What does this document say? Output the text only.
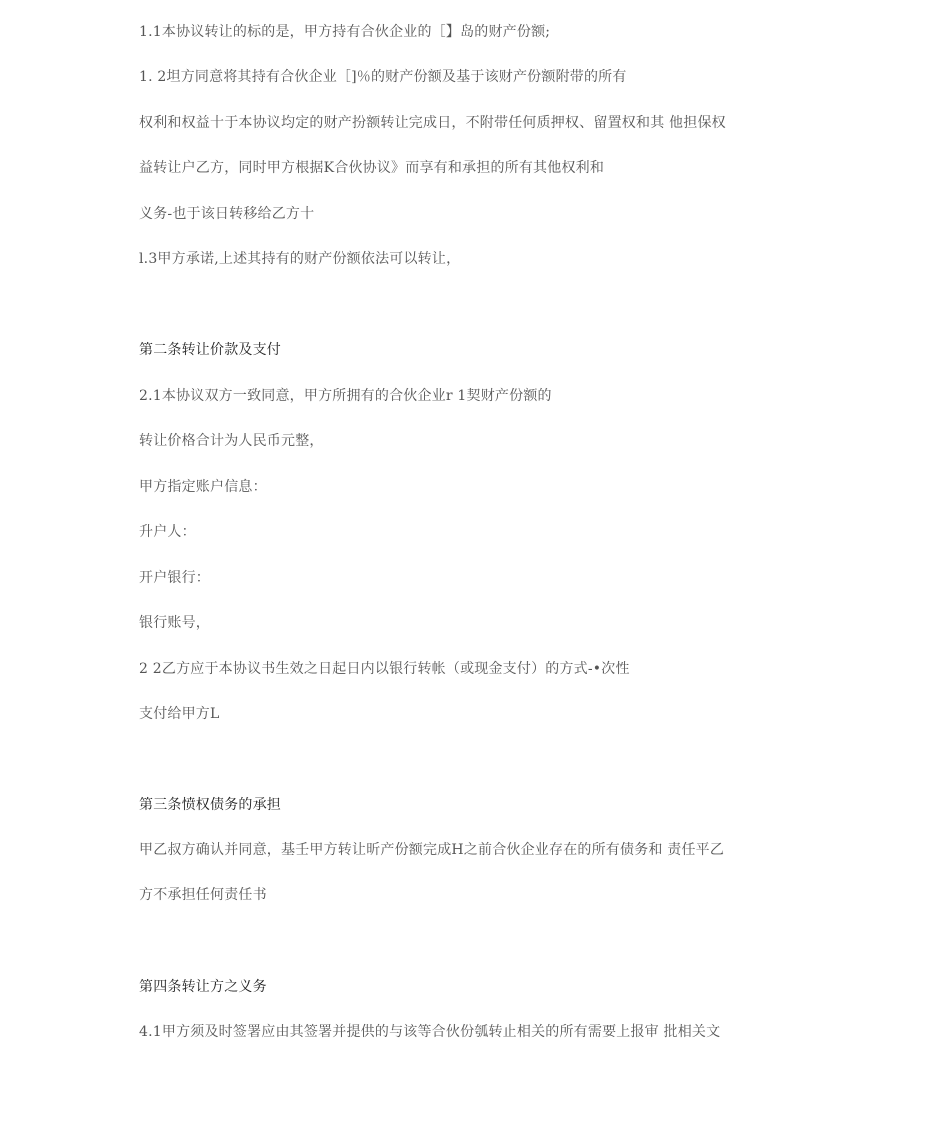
1.1本协议转让的标的是，甲方持有合伙企业的［】岛的财产份额;
1. 2坦方同意将其持有合伙企业［]％的财产份额及基于该财产份额附带的所有
权利和权益十于本协议均定的财产扮额转让完成日，不附带任何质押权、留置权和其 他担保权
益转让户乙方，同时甲方根据K合伙协议》而享有和承担的所有其他权利和
义务-也于该日转移给乙方十
l.3甲方承诺,上述其持有的财产份额依法可以转让，
第二条转让价款及支付
2.1本协议双方一致同意，甲方所拥有的合伙企业r 1契财产份额的
转让价格合计为人民币元整，
甲方指定账户信息：
升户人：
开户银行：
银行账号，
2 2乙方应于本协议书生效之日起日内以银行转帐（或现金支付）的方式-•次性
支付给甲方L
第三条愤权债务的承担
甲乙叔方确认并同意，基壬甲方转让昕产份额完成H之前合伙企业存在的所有债务和 责任平乙
方不承担任何责任书
第四条转让方之义务
4.1甲方须及时签署应由其签署并提供的与该等合伙份瓠转止相关的所有需要上报审 批相关文
